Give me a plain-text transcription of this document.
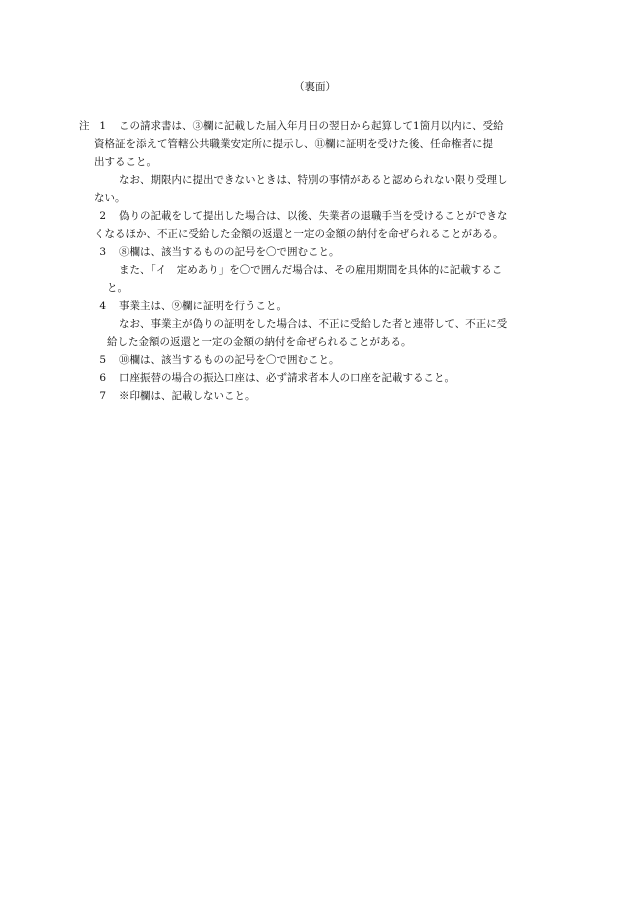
（裏面）
注 1 この請求書は、③欄に記載した届入年月日の翌日から起算して1箇月以内に、受給
資格証を添えて管轄公共職業安定所に提示し、⑪欄に証明を受けた後、任命権者に提
出すること。
なお、期限内に提出できないときは、特別の事情があると認められない限り受理し
ない。
2 偽りの記載をして提出した場合は、以後、失業者の退職手当を受けることができな
くなるほか、不正に受給した金額の返還と一定の金額の納付を命ぜられることがある。
3 ⑧欄は、該当するものの記号を〇で囲むこと。
また、「イ　定めあり」を〇で囲んだ場合は、その雇用期間を具体的に記載するこ
と。
4 事業主は、⑨欄に証明を行うこと。
なお、事業主が偽りの証明をした場合は、不正に受給した者と連帯して、不正に受
給した金額の返還と一定の金額の納付を命ぜられることがある。
5 ⑩欄は、該当するものの記号を〇で囲むこと。
6 口座振替の場合の振込口座は、必ず請求者本人の口座を記載すること。
7 ※印欄は、記載しないこと。
